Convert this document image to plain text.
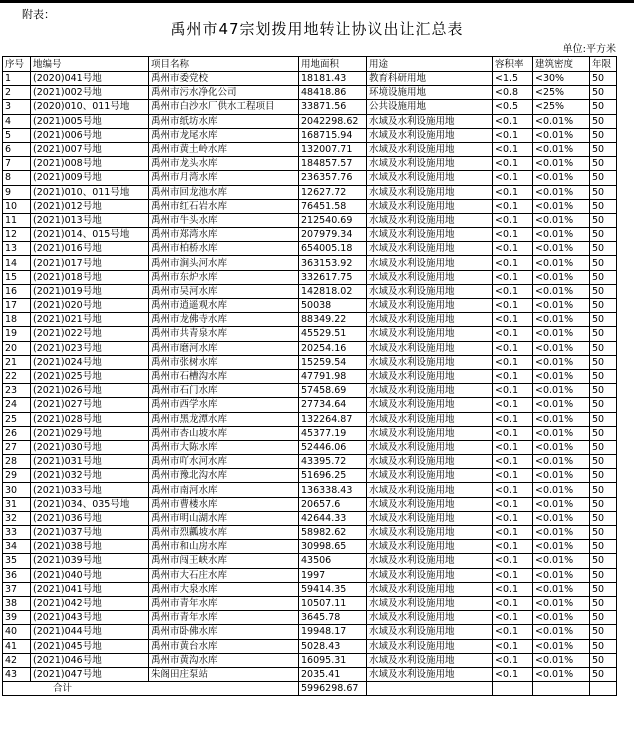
附表：
禹州市47宗划拨用地转让协议出让汇总表
单位:平方米
序号	地编号	项目名称	用地面积	用途	容积率	建筑密度	年限
1	(2020)041号地	禹州市委党校	18181.43	教育科研用地	<1.5	<30%	50
2	(2021)002号地	禹州市污水净化公司	48418.86	环境设施用地	<0.8	<25%	50
3	(2020)010、011号地	禹州市白沙水厂供水工程项目	33871.56	公共设施用地	<0.5	<25%	50
4	(2021)005号地	禹州市纸坊水库	2042298.62	水域及水利设施用地	<0.1	<0.01%	50
5	(2021)006号地	禹州市龙尾水库	168715.94	水域及水利设施用地	<0.1	<0.01%	50
6	(2021)007号地	禹州市黄土岭水库	132007.71	水域及水利设施用地	<0.1	<0.01%	50
7	(2021)008号地	禹州市龙头水库	184857.57	水域及水利设施用地	<0.1	<0.01%	50
8	(2021)009号地	禹州市月湾水库	236357.76	水域及水利设施用地	<0.1	<0.01%	50
9	(2021)010、011号地	禹州市回龙池水库	12627.72	水域及水利设施用地	<0.1	<0.01%	50
10	(2021)012号地	禹州市红石岩水库	76451.58	水域及水利设施用地	<0.1	<0.01%	50
11	(2021)013号地	禹州市牛头水库	212540.69	水域及水利设施用地	<0.1	<0.01%	50
12	(2021)014、015号地	禹州市郑湾水库	207979.34	水域及水利设施用地	<0.1	<0.01%	50
13	(2021)016号地	禹州市柏桥水库	654005.18	水域及水利设施用地	<0.1	<0.01%	50
14	(2021)017号地	禹州市涧头河水库	363153.92	水域及水利设施用地	<0.1	<0.01%	50
15	(2021)018号地	禹州市东炉水库	332617.75	水域及水利设施用地	<0.1	<0.01%	50
16	(2021)019号地	禹州市吴河水库	142818.02	水域及水利设施用地	<0.1	<0.01%	50
17	(2021)020号地	禹州市逍遥观水库	50038	水域及水利设施用地	<0.1	<0.01%	50
18	(2021)021号地	禹州市龙佛寺水库	88349.22	水域及水利设施用地	<0.1	<0.01%	50
19	(2021)022号地	禹州市共青泉水库	45529.51	水域及水利设施用地	<0.1	<0.01%	50
20	(2021)023号地	禹州市磨河水库	20254.16	水域及水利设施用地	<0.1	<0.01%	50
21	(2021)024号地	禹州市张树水库	15259.54	水域及水利设施用地	<0.1	<0.01%	50
22	(2021)025号地	禹州市石槽沟水库	47791.98	水域及水利设施用地	<0.1	<0.01%	50
23	(2021)026号地	禹州市石门水库	57458.69	水域及水利设施用地	<0.1	<0.01%	50
24	(2021)027号地	禹州市西学水库	27734.64	水域及水利设施用地	<0.1	<0.01%	50
25	(2021)028号地	禹州市黑龙潭水库	132264.87	水域及水利设施用地	<0.1	<0.01%	50
26	(2021)029号地	禹州市杏山坡水库	45377.19	水域及水利设施用地	<0.1	<0.01%	50
27	(2021)030号地	禹州市大陈水库	52446.06	水域及水利设施用地	<0.1	<0.01%	50
28	(2021)031号地	禹州市吖水河水库	43395.72	水域及水利设施用地	<0.1	<0.01%	50
29	(2021)032号地	禹州市豫北沟水库	51696.25	水域及水利设施用地	<0.1	<0.01%	50
30	(2021)033号地	禹州市南河水库	136338.43	水域及水利设施用地	<0.1	<0.01%	50
31	(2021)034、035号地	禹州市曹楼水库	20657.6	水域及水利设施用地	<0.1	<0.01%	50
32	(2021)036号地	禹州市明山湖水库	42644.33	水域及水利设施用地	<0.1	<0.01%	50
33	(2021)037号地	禹州市烈瓤坡水库	58982.62	水域及水利设施用地	<0.1	<0.01%	50
34	(2021)038号地	禹州市和山房水库	30998.65	水域及水利设施用地	<0.1	<0.01%	50
35	(2021)039号地	禹州市闯王峡水库	43506	水域及水利设施用地	<0.1	<0.01%	50
36	(2021)040号地	禹州市大石庄水库	1997	水域及水利设施用地	<0.1	<0.01%	50
37	(2021)041号地	禹州市大泉水库	59414.35	水域及水利设施用地	<0.1	<0.01%	50
38	(2021)042号地	禹州市青年水库	10507.11	水域及水利设施用地	<0.1	<0.01%	50
39	(2021)043号地	禹州市青年水库	3645.78	水域及水利设施用地	<0.1	<0.01%	50
40	(2021)044号地	禹州市卧佛水库	19948.17	水域及水利设施用地	<0.1	<0.01%	50
41	(2021)045号地	禹州市黄台水库	5028.43	水域及水利设施用地	<0.1	<0.01%	50
42	(2021)046号地	禹州市黄沟水库	16095.31	水域及水利设施用地	<0.1	<0.01%	50
43	(2021)047号地	朱阁田庄泵站	2035.41	水域及水利设施用地	<0.1	<0.01%	50
合计			5996298.67				
